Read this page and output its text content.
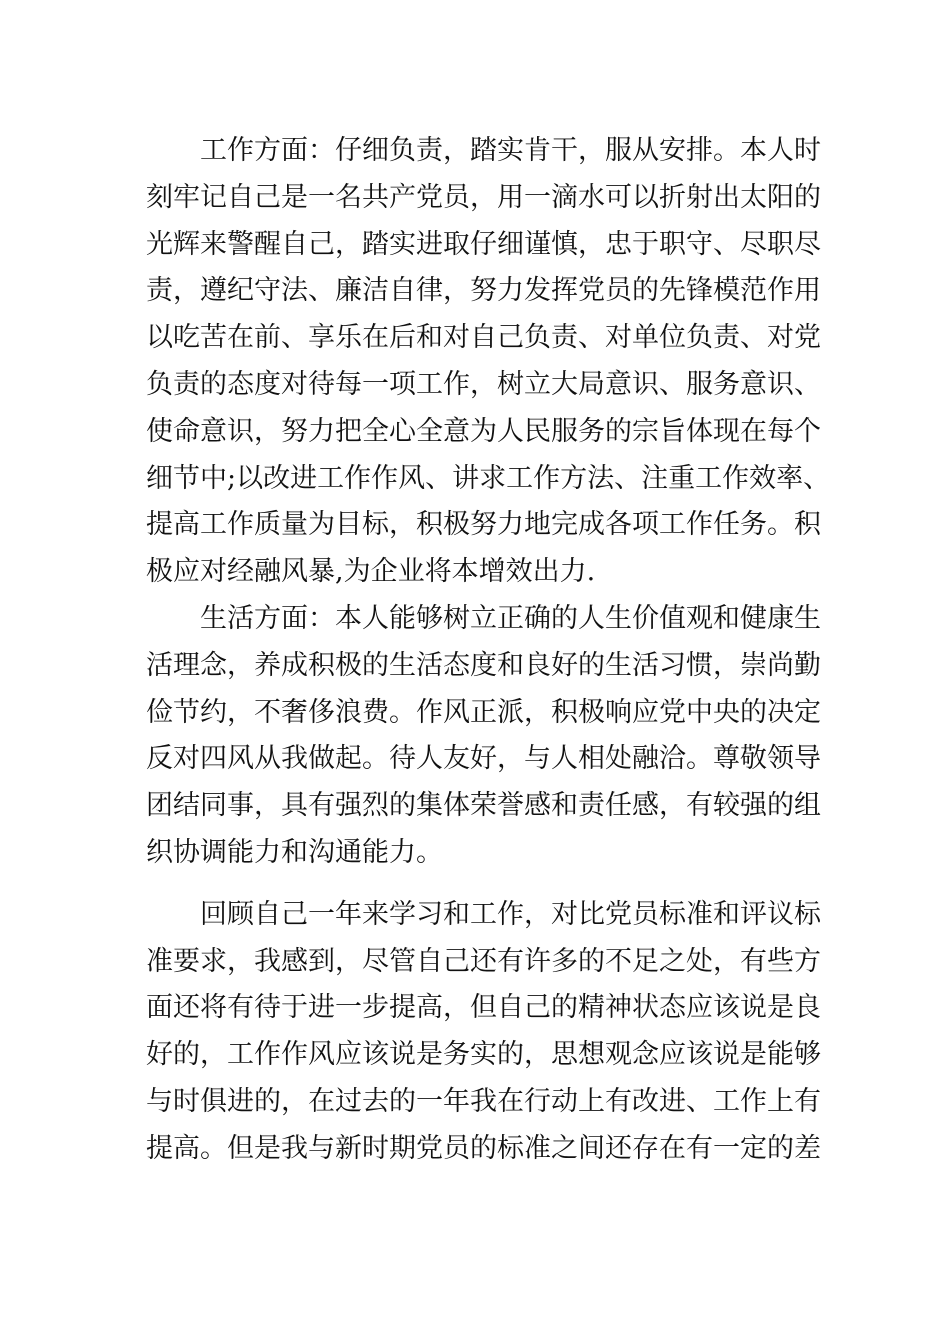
工作方面：仔细负责，踏实肯干，服从安排。本人时
刻牢记自己是一名共产党员，用一滴水可以折射出太阳的
光辉来警醒自己，踏实进取仔细谨慎，忠于职守、尽职尽
责，遵纪守法、廉洁自律，努力发挥党员的先锋模范作用
以吃苦在前、享乐在后和对自己负责、对单位负责、对党
负责的态度对待每一项工作，树立大局意识、服务意识、
使命意识，努力把全心全意为人民服务的宗旨体现在每个
细节中;以改进工作作风、讲求工作方法、注重工作效率、
提高工作质量为目标，积极努力地完成各项工作任务。积
极应对经融风暴,为企业将本增效出力.
生活方面：本人能够树立正确的人生价值观和健康生
活理念，养成积极的生活态度和良好的生活习惯，崇尚勤
俭节约，不奢侈浪费。作风正派，积极响应党中央的决定
反对四风从我做起。待人友好，与人相处融洽。尊敬领导
团结同事，具有强烈的集体荣誉感和责任感，有较强的组
织协调能力和沟通能力。
回顾自己一年来学习和工作，对比党员标准和评议标
准要求，我感到，尽管自己还有许多的不足之处，有些方
面还将有待于进一步提高，但自己的精神状态应该说是良
好的，工作作风应该说是务实的，思想观念应该说是能够
与时俱进的，在过去的一年我在行动上有改进、工作上有
提高。但是我与新时期党员的标准之间还存在有一定的差
